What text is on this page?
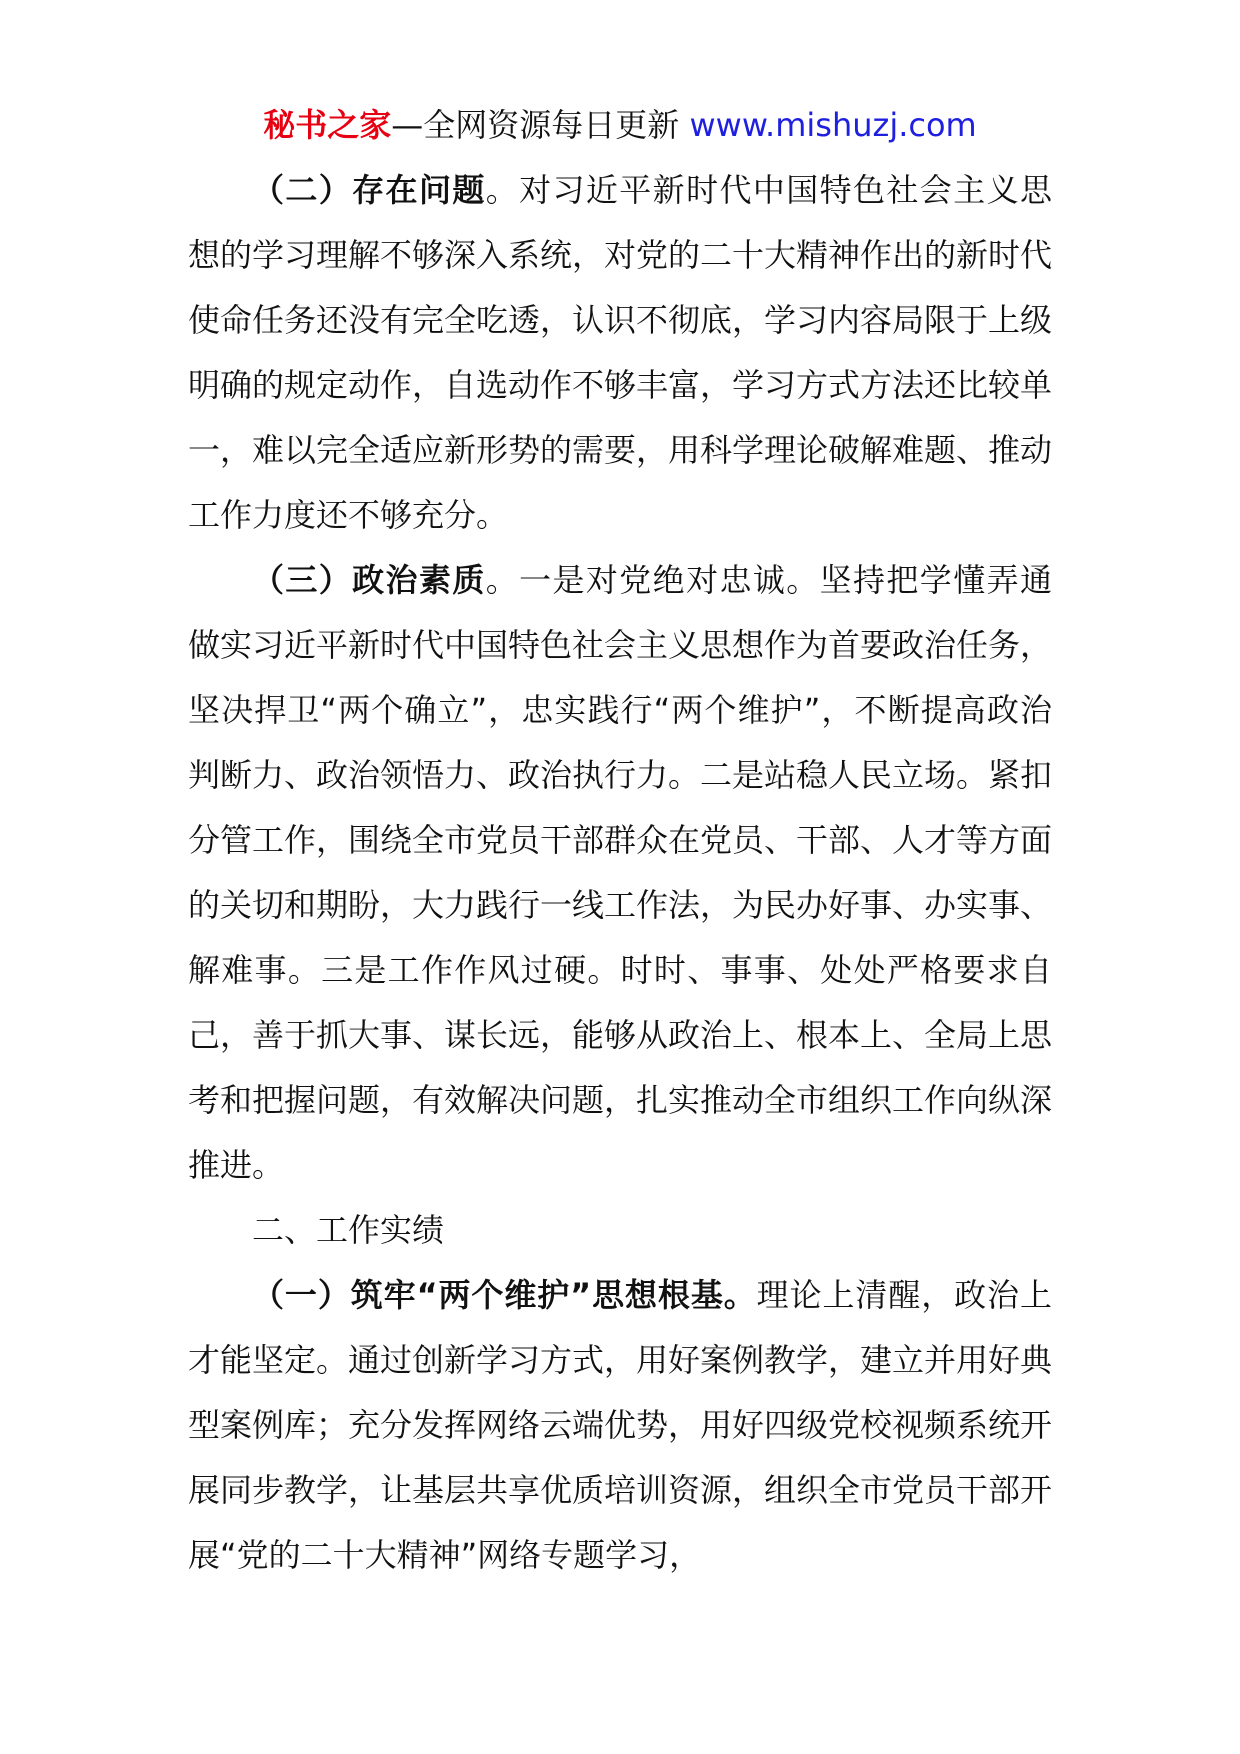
秘书之家—全网资源每日更新 www.mishuzj.com

（二）存在问题。对习近平新时代中国特色社会主义思想的学习理解不够深入系统，对党的二十大精神作出的新时代使命任务还没有完全吃透，认识不彻底，学习内容局限于上级明确的规定动作，自选动作不够丰富，学习方式方法还比较单一，难以完全适应新形势的需要，用科学理论破解难题、推动工作力度还不够充分。

（三）政治素质。一是对党绝对忠诚。坚持把学懂弄通做实习近平新时代中国特色社会主义思想作为首要政治任务，坚决捍卫“两个确立”，忠实践行“两个维护”，不断提高政治判断力、政治领悟力、政治执行力。二是站稳人民立场。紧扣分管工作，围绕全市党员干部群众在党员、干部、人才等方面的关切和期盼，大力践行一线工作法，为民办好事、办实事、解难事。三是工作作风过硬。时时、事事、处处严格要求自己，善于抓大事、谋长远，能够从政治上、根本上、全局上思考和把握问题，有效解决问题，扎实推动全市组织工作向纵深推进。

二、工作实绩

（一）筑牢“两个维护”思想根基。理论上清醒，政治上才能坚定。通过创新学习方式，用好案例教学，建立并用好典型案例库；充分发挥网络云端优势，用好四级党校视频系统开展同步教学，让基层共享优质培训资源，组织全市党员干部开展“党的二十大精神”网络专题学习，
